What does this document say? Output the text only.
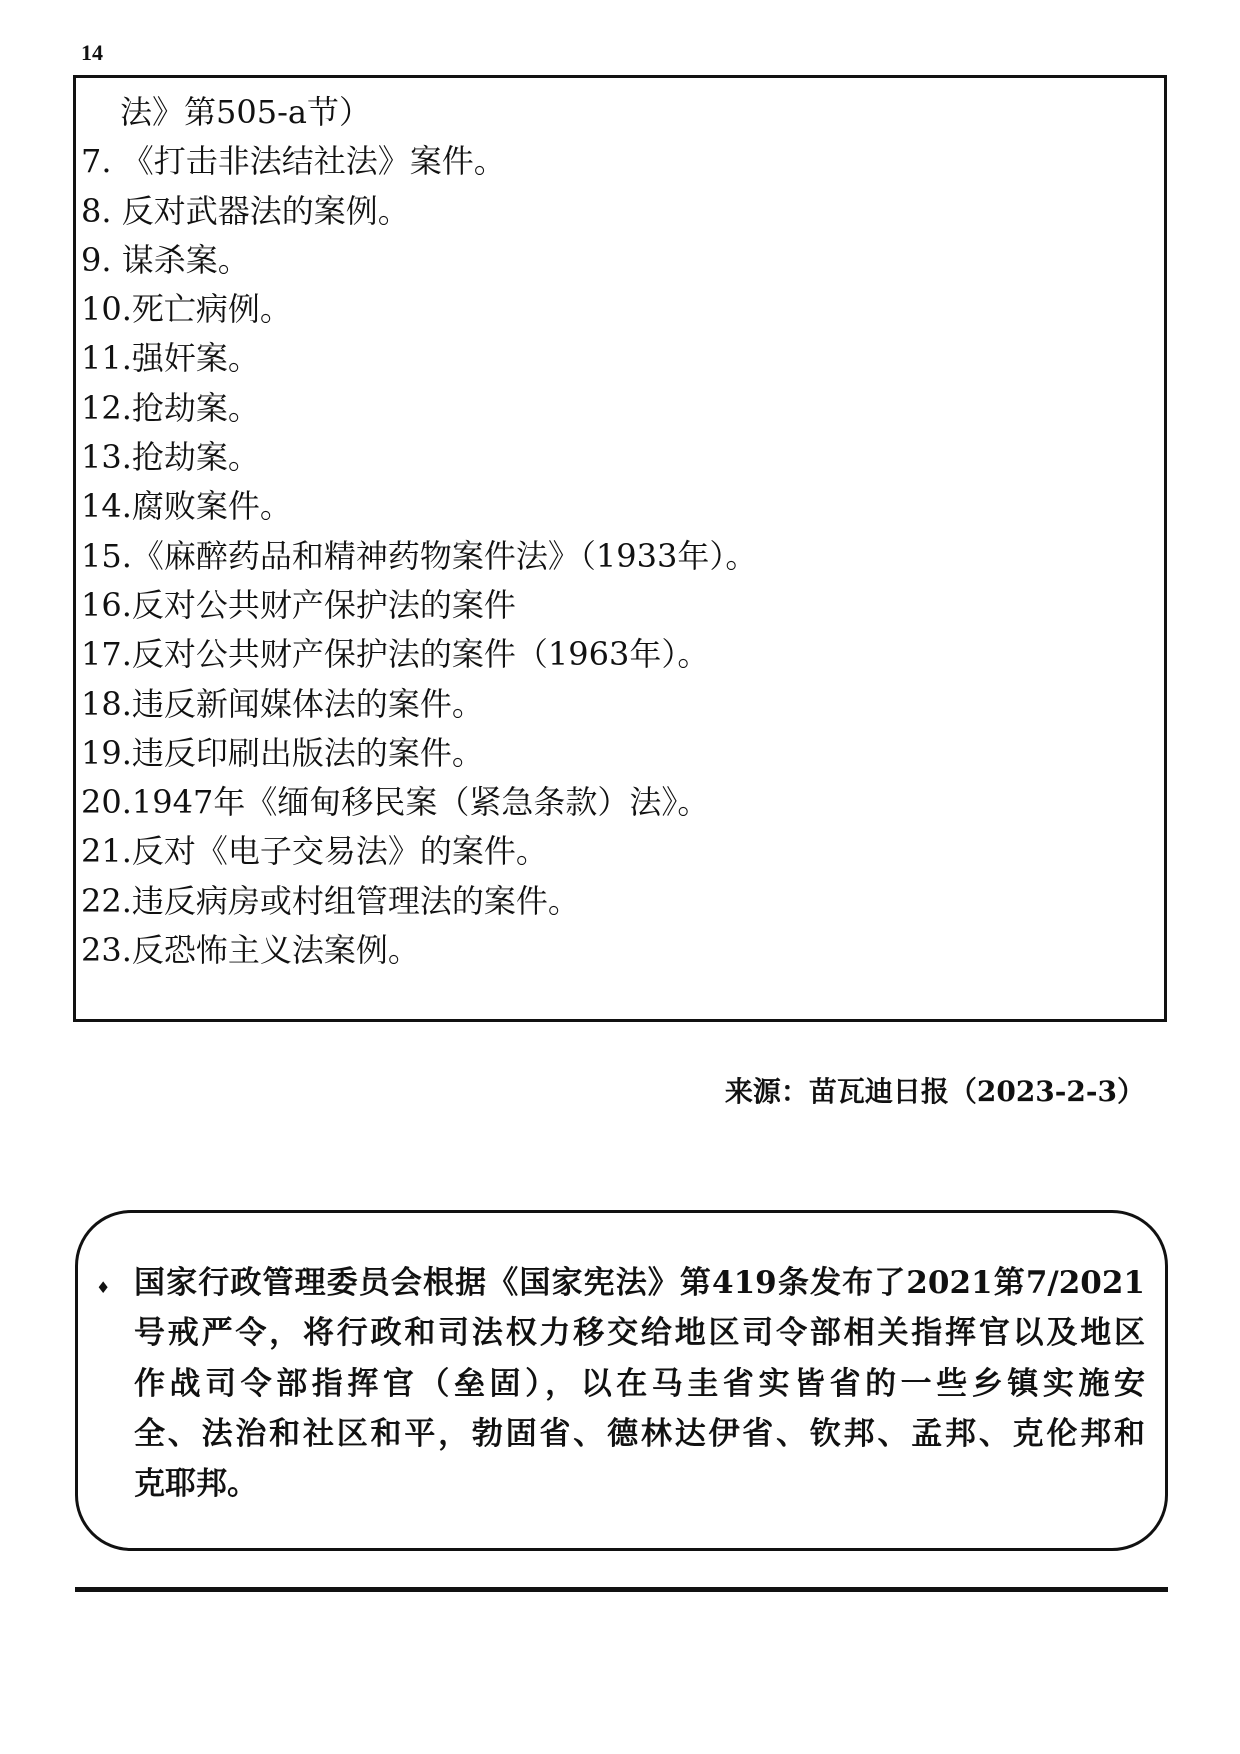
14
法》第505-a节）
7. 《打击非法结社法》案件。
8. 反对武器法的案例。
9. 谋杀案。
10.死亡病例。
11.强奸案。
12.抢劫案。
13.抢劫案。
14.腐败案件。
15.《麻醉药品和精神药物案件法》（1933年）。
16.反对公共财产保护法的案件
17.反对公共财产保护法的案件（1963年）。
18.违反新闻媒体法的案件。
19.违反印刷出版法的案件。
20.1947年《缅甸移民案（紧急条款）法》。
21.反对《电子交易法》的案件。
22.违反病房或村组管理法的案件。
23.反恐怖主义法案例。
来源：苗瓦迪日报（2023-2-3）
♦ 国家行政管理委员会根据《国家宪法》第419条发布了2021第7/2021
号戒严令，将行政和司法权力移交给地区司令部相关指挥官以及地区
作战司令部指挥官（垒固），以在马圭省实皆省的一些乡镇实施安
全、法治和社区和平，勃固省、德林达伊省、钦邦、孟邦、克伦邦和
克耶邦。
